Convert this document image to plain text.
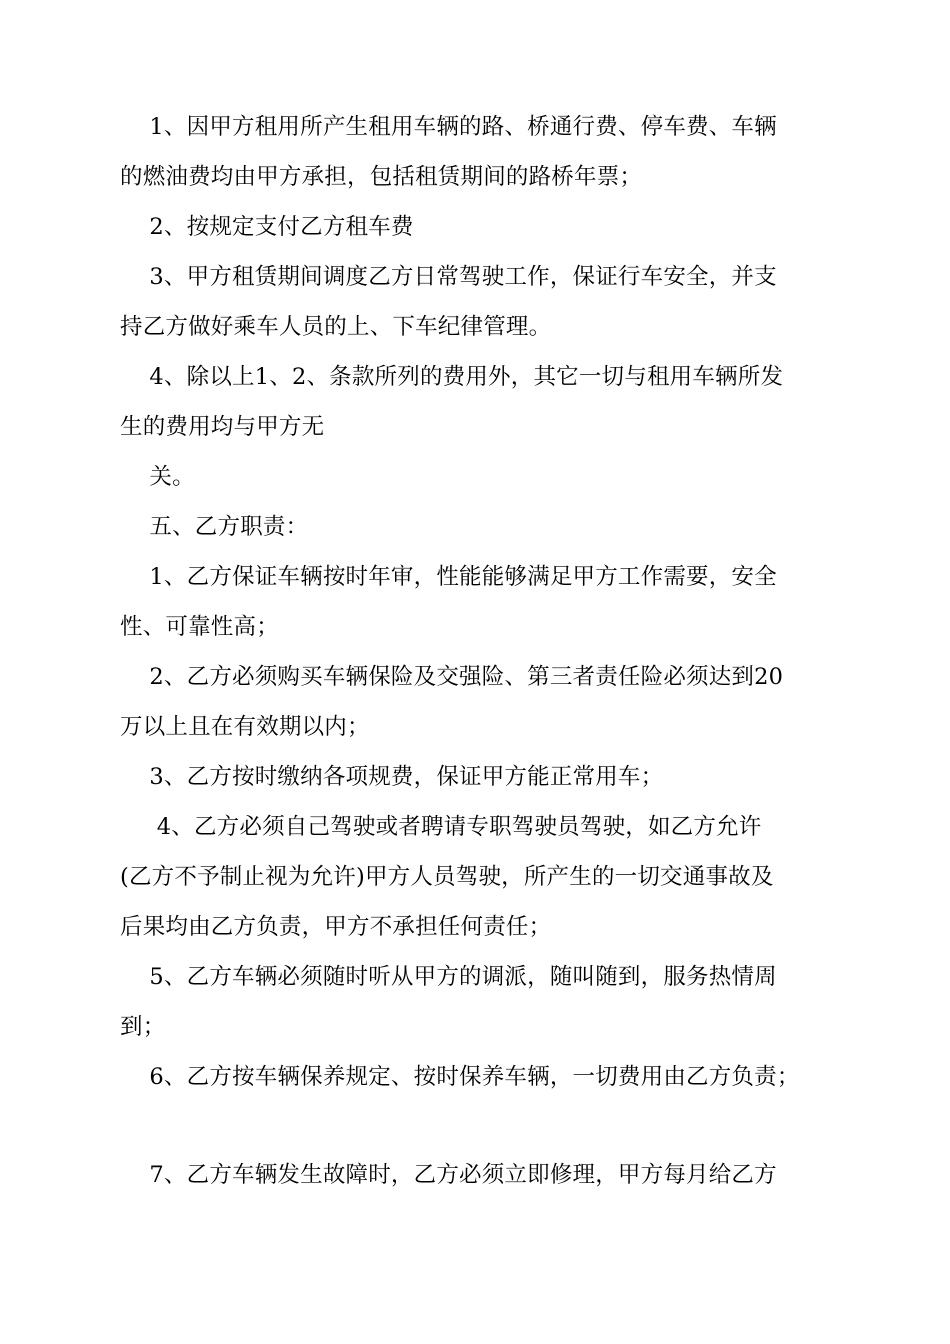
1、因甲方租用所产生租用车辆的路、桥通行费、停车费、车辆

的燃油费均由甲方承担，包括租赁期间的路桥年票；

2、按规定支付乙方租车费

3、甲方租赁期间调度乙方日常驾驶工作，保证行车安全，并支

持乙方做好乘车人员的上、下车纪律管理。

4、除以上1、2、条款所列的费用外，其它一切与租用车辆所发

生的费用均与甲方无

关。

五、乙方职责：

1、乙方保证车辆按时年审，性能能够满足甲方工作需要，安全

性、可靠性高；

2、乙方必须购买车辆保险及交强险、第三者责任险必须达到20

万以上且在有效期以内；

3、乙方按时缴纳各项规费，保证甲方能正常用车；

4、乙方必须自己驾驶或者聘请专职驾驶员驾驶，如乙方允许

(乙方不予制止视为允许)甲方人员驾驶，所产生的一切交通事故及

后果均由乙方负责，甲方不承担任何责任；

5、乙方车辆必须随时听从甲方的调派，随叫随到，服务热情周

到；

6、乙方按车辆保养规定、按时保养车辆，一切费用由乙方负责；

7、乙方车辆发生故障时，乙方必须立即修理，甲方每月给乙方
